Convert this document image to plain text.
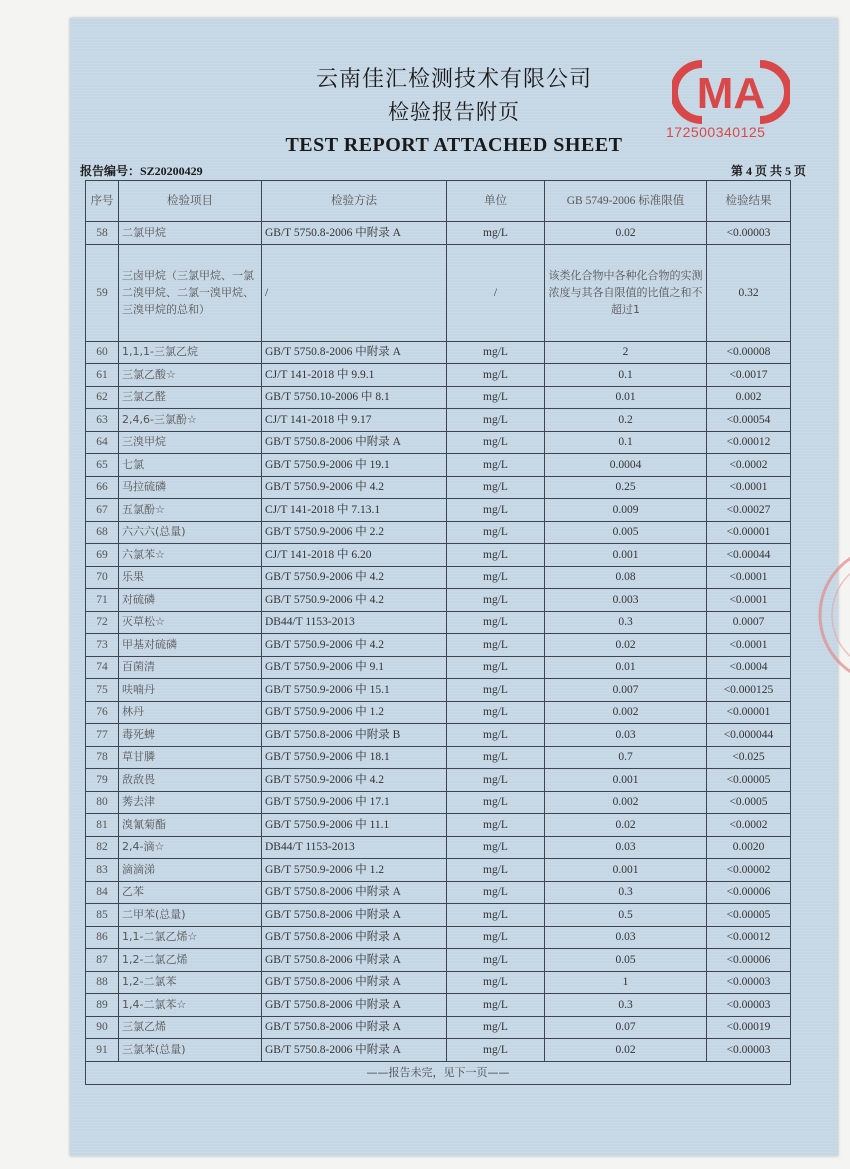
云南佳汇检测技术有限公司
检验报告附页
TEST REPORT ATTACHED SHEET
MA
172500340125
报告编号：SZ20200429	第 4 页 共 5 页
序号	检验项目	检验方法	单位	GB 5749-2006 标准限值	检验结果
58	二氯甲烷	GB/T 5750.8-2006 中附录 A	mg/L	0.02	<0.00003
59	三卤甲烷（三氯甲烷、一氯二溴甲烷、二氯一溴甲烷、三溴甲烷的总和）	/	/	该类化合物中各种化合物的实测浓度与其各自限值的比值之和不超过1	0.32
60	1,1,1-三氯乙烷	GB/T 5750.8-2006 中附录 A	mg/L	2	<0.00008
61	三氯乙酸☆	CJ/T 141-2018 中 9.9.1	mg/L	0.1	<0.0017
62	三氯乙醛	GB/T 5750.10-2006 中 8.1	mg/L	0.01	0.002
63	2,4,6-三氯酚☆	CJ/T 141-2018 中 9.17	mg/L	0.2	<0.00054
64	三溴甲烷	GB/T 5750.8-2006 中附录 A	mg/L	0.1	<0.00012
65	七氯	GB/T 5750.9-2006 中 19.1	mg/L	0.0004	<0.0002
66	马拉硫磷	GB/T 5750.9-2006 中 4.2	mg/L	0.25	<0.0001
67	五氯酚☆	CJ/T 141-2018 中 7.13.1	mg/L	0.009	<0.00027
68	六六六(总量)	GB/T 5750.9-2006 中 2.2	mg/L	0.005	<0.00001
69	六氯苯☆	CJ/T 141-2018 中 6.20	mg/L	0.001	<0.00044
70	乐果	GB/T 5750.9-2006 中 4.2	mg/L	0.08	<0.0001
71	对硫磷	GB/T 5750.9-2006 中 4.2	mg/L	0.003	<0.0001
72	灭草松☆	DB44/T 1153-2013	mg/L	0.3	0.0007
73	甲基对硫磷	GB/T 5750.9-2006 中 4.2	mg/L	0.02	<0.0001
74	百菌清	GB/T 5750.9-2006 中 9.1	mg/L	0.01	<0.0004
75	呋喃丹	GB/T 5750.9-2006 中 15.1	mg/L	0.007	<0.000125
76	林丹	GB/T 5750.9-2006 中 1.2	mg/L	0.002	<0.00001
77	毒死蜱	GB/T 5750.8-2006 中附录 B	mg/L	0.03	<0.000044
78	草甘膦	GB/T 5750.9-2006 中 18.1	mg/L	0.7	<0.025
79	敌敌畏	GB/T 5750.9-2006 中 4.2	mg/L	0.001	<0.00005
80	莠去津	GB/T 5750.9-2006 中 17.1	mg/L	0.002	<0.0005
81	溴氰菊酯	GB/T 5750.9-2006 中 11.1	mg/L	0.02	<0.0002
82	2,4-滴☆	DB44/T 1153-2013	mg/L	0.03	0.0020
83	滴滴涕	GB/T 5750.9-2006 中 1.2	mg/L	0.001	<0.00002
84	乙苯	GB/T 5750.8-2006 中附录 A	mg/L	0.3	<0.00006
85	二甲苯(总量)	GB/T 5750.8-2006 中附录 A	mg/L	0.5	<0.00005
86	1,1-二氯乙烯☆	GB/T 5750.8-2006 中附录 A	mg/L	0.03	<0.00012
87	1,2-二氯乙烯	GB/T 5750.8-2006 中附录 A	mg/L	0.05	<0.00006
88	1,2-二氯苯	GB/T 5750.8-2006 中附录 A	mg/L	1	<0.00003
89	1,4-二氯苯☆	GB/T 5750.8-2006 中附录 A	mg/L	0.3	<0.00003
90	三氯乙烯	GB/T 5750.8-2006 中附录 A	mg/L	0.07	<0.00019
91	三氯苯(总量)	GB/T 5750.8-2006 中附录 A	mg/L	0.02	<0.00003
——报告未完，见下一页——					
